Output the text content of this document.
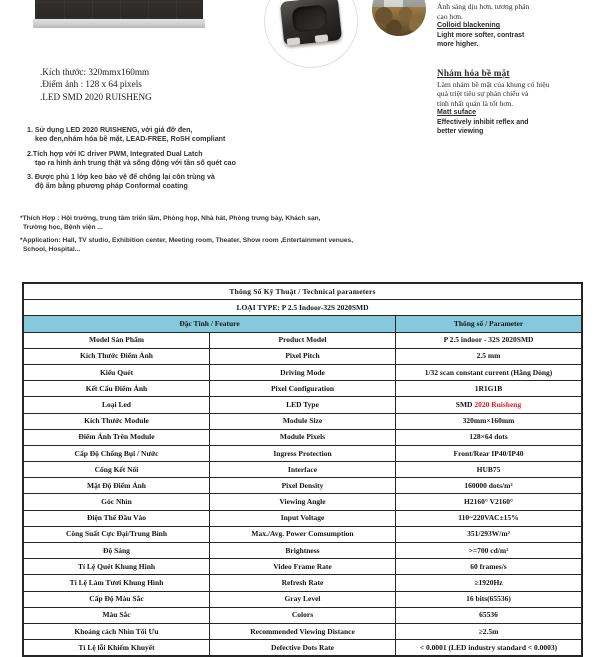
.Kích thước: 320mmx160mm
.Điểm ảnh : 128 x 64 pixels
.LED SMD 2020 RUISHENG
Ánh sáng dịu hơn, tương phản
cao hơn.
Colloid blackening
Light more softer, contrast
more higher.
Nhám hóa bề mặt
Làm nhám bề mặt của khung có hiệu
quả triệt tiêu sự phản chiếu và
tính nhất quán là tốt hơn.
Matt suface
Effectively inhibit reflex and
better viewing
1. Sử dụng LED 2020 RUISHENG, với giá đỡ đen,
keo đen,nhám hóa bề mặt, LEAD-FREE, RoSH compliant
2.Tích hợp với IC driver PWM, Integrated Dual Latch
tạo ra hình ảnh trung thật và sống động với tần số quét cao
3. Được phủ 1 lớp keo bảo vệ để chống lại côn trùng và
độ ẩm bằng phương pháp Conformal coating
*Thích Hợp : Hội trường, trung tâm triển lãm, Phòng họp, Nhà hát, Phòng trưng bày, Khách sạn,
Trường học, Bệnh viện ...
*Application: Hall, TV studio, Exhibition center, Meeting room, Theater, Show room ,Entertainment venues,
School, Hospital...
Thông Số Kỹ Thuật / Technical parameters		
LOẠI TYPE: P 2.5 Indoor-32S 2020SMD		
Đặc Tính / Feature		Thông số / Parameter
Model Sản Phẩm	Product Model	P 2.5 indoor - 32S 2020SMD
Kích Thước Điểm Ảnh	Pixel Pitch	2.5 mm
Kiểu Quét	Driving Mode	1/32 scan constant current (Hằng Dòng)
Kết Cấu Điểm Ảnh	Pixel Configuration	1R1G1B
Loại Led	LED Type	SMD 2020 Ruisheng
Kích Thước Module	Module Size	320mm×160mm
Điểm Ảnh Trên Module	Module Pixels	128×64 dots
Cấp Độ Chống Bụi / Nước	Ingress Protection	Front/Rear IP40/IP40
Cổng Kết Nối	Interface	HUB75
Mật Độ Điểm Ảnh	Pixel Density	160000 dots/m²
Góc Nhìn	Viewing Angle	H2160° V2160°
Điện Thế Đầu Vào	Input Voltage	110~220VAC±15%
Công Suất Cực Đại/Trung Bình	Max./Avg. Power Comsumption	351/293W/m²
Độ Sáng	Brightness	>=700 cd/m²
Tỉ Lệ Quét Khung Hình	Video Frame Rate	60 frames/s
Tỉ Lệ Làm Tươi Khung Hình	Refresh Rate	≥1920Hz
Cấp Độ Màu Sắc	Gray Level	16 bits(65536)
Màu Sắc	Colors	65536
Khoảng cách Nhìn Tối Ưu	Recommended Viewing Distance	≥2.5m
Tỉ Lệ lỗi Khiếm Khuyết	Defective Dots Rate	< 0.0001 (LED industry standard < 0.0003)
